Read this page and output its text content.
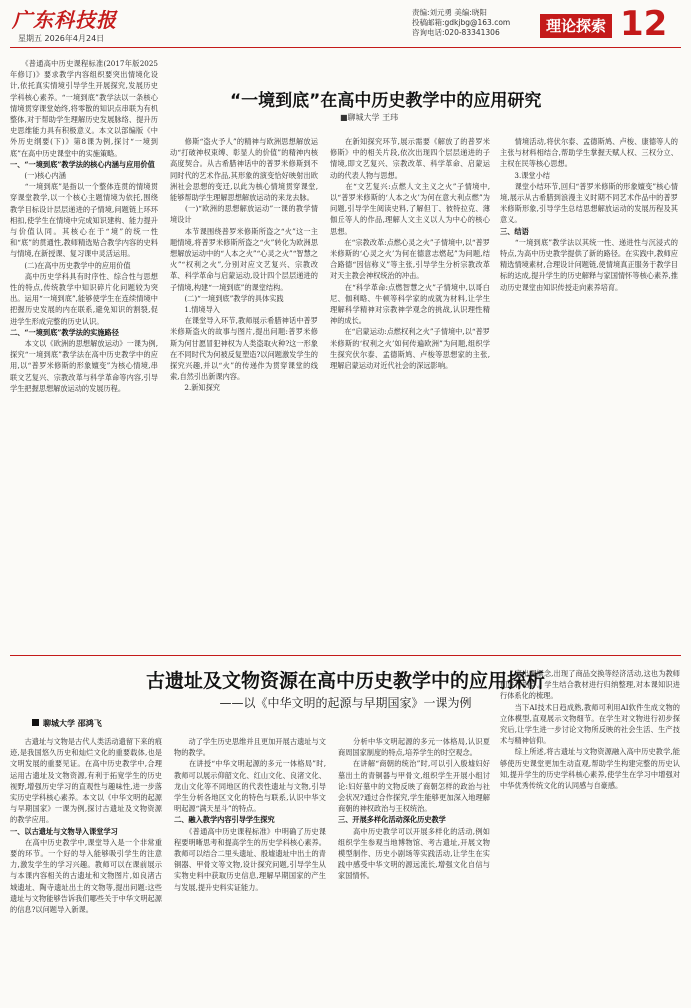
广东科技报
星期五 2026年4月24日
责编:刘元勇 美编:晓阳
投稿邮箱:gdkjbg@163.com
咨询电话:020-83341306	理论探索 12
“一境到底”在高中历史教学中的应用研究
■聊城大学 王玮
　　《普通高中历史课程标准(2017年版2025年修订)》要求教学内容组织要突出情境化设计,依托真实情境引导学生开展探究,发展历史学科核心素养。“一境到底”教学法以一条核心情境贯穿课堂始终,将零散的知识点串联为有机整体,对于帮助学生理解历史发展脉络、提升历史思维能力具有积极意义。本文以部编版《中外历史纲要(下)》第8课为例,探讨“一境到底”在高中历史课堂中的实施策略。
一、“一境到底”教学法的核心内涵与应用价值
　　(一)核心内涵
　　“一境到底”是指以一个整体连贯的情境贯穿课堂教学,以一个核心主题情境为依托,围绕教学目标设计层层递进的子情境,问题链上环环相扣,使学生在情境中完成知识建构、能力提升与价值认同。其核心在于“境”的统一性和“底”的贯通性,教师精选贴合教学内容的史料与情境,在新授课、复习课中灵活运用。
　　(二)在高中历史教学中的应用价值
　　高中历史学科具有时序性、综合性与思想性的特点,传统教学中知识碎片化问题较为突出。运用“一境到底”,能够使学生在连续情境中把握历史发展的内在联系,避免知识的割裂,促进学生形成完整的历史认识。
二、“一境到底”教学法的实施路径
　　本文以《欧洲的思想解放运动》一课为例,探究“一境到底”教学法在高中历史教学中的应用,以“普罗米修斯的形象嬗变”为核心情境,串联文艺复兴、宗教改革与科学革命等内容,引导学生把握思想解放运动的发展历程。
　　修斯“盗火予人”的精神与欧洲思想解放运动“打破神权束缚、彰显人的价值”的精神内核高度契合。从古希腊神话中的普罗米修斯到不同时代的艺术作品,其形象的演变恰好映射出欧洲社会思想的变迁,以此为核心情境贯穿课堂,能够帮助学生理解思想解放运动的来龙去脉。
　　(一)“欧洲的思想解放运动”一课的教学情境设计
　　本节课围绕普罗米修斯所盗之“火”这一主题情境,将普罗米修斯所盗之“火”转化为欧洲思想解放运动中的“人本之火”“心灵之火”“智慧之火”“权利之火”,分别对应文艺复兴、宗教改革、科学革命与启蒙运动,设计四个层层递进的子情境,构建“一境到底”的课堂结构。
　　(二)“一境到底”教学的具体实践
　　1.情境导入
　　在课堂导入环节,教师展示希腊神话中普罗米修斯盗火的故事与图片,提出问题:普罗米修斯为何甘愿冒犯神权为人类盗取火种?这一形象在不同时代为何被反复塑造?以问题激发学生的探究兴趣,并以“火”的传递作为贯穿课堂的线索,自然引出新课内容。
　　2.新知探究
　　在新知探究环节,展示需要《解放了的普罗米修斯》中的相关片段,依次出现四个层层递进的子情境,即文艺复兴、宗教改革、科学革命、启蒙运动的代表人物与思想。
　　在“文艺复兴:点燃人文主义之火”子情境中,以“普罗米修斯的‘人本之火’为何在意大利点燃”为问题,引导学生阅读史料,了解但丁、彼特拉克、薄伽丘等人的作品,理解人文主义以人为中心的核心思想。
　　在“宗教改革:点燃心灵之火”子情境中,以“普罗米修斯的‘心灵之火’为何在德意志燃起”为问题,结合路德“因信称义”等主张,引导学生分析宗教改革对天主教会神权统治的冲击。
　　在“科学革命:点燃智慧之火”子情境中,以哥白尼、伽利略、牛顿等科学家的成就为材料,让学生理解科学精神对宗教神学观念的挑战,认识理性精神的成长。
　　在“启蒙运动:点燃权利之火”子情境中,以“普罗米修斯的‘权利之火’如何传遍欧洲”为问题,组织学生探究伏尔泰、孟德斯鸠、卢梭等思想家的主张,理解启蒙运动对近代社会的深远影响。
　　情境活动,将伏尔泰、孟德斯鸠、卢梭、康德等人的主张与材料相结合,帮助学生掌握天赋人权、三权分立、主权在民等核心思想。
　　3.课堂小结
　　课堂小结环节,回归“普罗米修斯的形象嬗变”核心情境,展示从古希腊到浪漫主义时期不同艺术作品中的普罗米修斯形象,引导学生总结思想解放运动的发展历程及其意义。
三、结语
　　“一境到底”教学法以其统一性、递进性与沉浸式的特点,为高中历史教学提供了新的路径。在实践中,教师应精选情境素材,合理设计问题链,使情境真正服务于教学目标的达成,提升学生的历史解释与家国情怀等核心素养,推动历史课堂由知识传授走向素养培育。
古遗址及文物资源在高中历史教学中的应用探析
——以《中华文明的起源与早期国家》一课为例
聊城大学 邵鸿飞
　　古遗址与文物是古代人类活动遗留下来的痕迹,是我国悠久历史和灿烂文化的重要载体,也是文明发展的重要见证。在高中历史教学中,合理运用古遗址及文物资源,有利于拓宽学生的历史视野,增强历史学习的直观性与趣味性,进一步落实历史学科核心素养。本文以《中华文明的起源与早期国家》一课为例,探讨古遗址及文物资源的教学应用。
一、以古遗址与文物导入课堂学习
　　在高中历史教学中,课堂导入是一个非常重要的环节。一个好的导入能够吸引学生的注意力,激发学生的学习兴趣。教师可以在课前展示与本课内容相关的古遗址和文物图片,如良渚古城遗址、陶寺遗址出土的文物等,提出问题:这些遗址与文物能够告诉我们哪些关于中华文明起源的信息?以问题导入新课。
　　动了学生历史思维并且更加开展古遗址与文物的教学。
　　在讲授“中华文明起源的多元一体格局”时,教师可以展示仰韶文化、红山文化、良渚文化、龙山文化等不同地区的代表性遗址与文物,引导学生分析各地区文化的特色与联系,认识中华文明起源“满天星斗”的特点。
二、融入教学内容引导学生探究
　　《普通高中历史课程标准》中明确了历史课程要明晰思考和提高学生的历史学科核心素养。教师可以结合二里头遗址、殷墟遗址中出土的青铜器、甲骨文等文物,设计探究问题,引导学生从实物史料中获取历史信息,理解早期国家的产生与发展,提升史料实证能力。
　　分析中华文明起源的多元一体格局,认识夏商周国家制度的特点,培养学生的时空观念。
　　在讲解“商朝的统治”时,可以引入殷墟妇好墓出土的青铜器与甲骨文,组织学生开展小组讨论:妇好墓中的文物反映了商朝怎样的政治与社会状况?通过合作探究,学生能够更加深入地理解商朝的神权政治与王权统治。
三、开展多样化活动深化历史教学
　　高中历史教学可以开展多样化的活动,例如组织学生参观当地博物馆、考古遗址,开展文物模型制作、历史小剧场等实践活动,让学生在实践中感受中华文明的源远流长,增强文化自信与家国情怀。
　　家出理概念,出现了商品交换等经济活动,这也为教师们进行指导。学生结合教材进行归纳整理,对本课知识进行体系化的梳理。
　　当下AI技术日趋成熟,教师可利用AI软件生成文物的立体模型,直观展示文物细节。在学生对文物进行初步探究后,让学生进一步讨论文物所反映的社会生活、生产技术与精神信仰。
　　综上所述,将古遗址与文物资源融入高中历史教学,能够使历史课堂更加生动直观,帮助学生构建完整的历史认知,提升学生的历史学科核心素养,使学生在学习中增强对中华优秀传统文化的认同感与自豪感。
